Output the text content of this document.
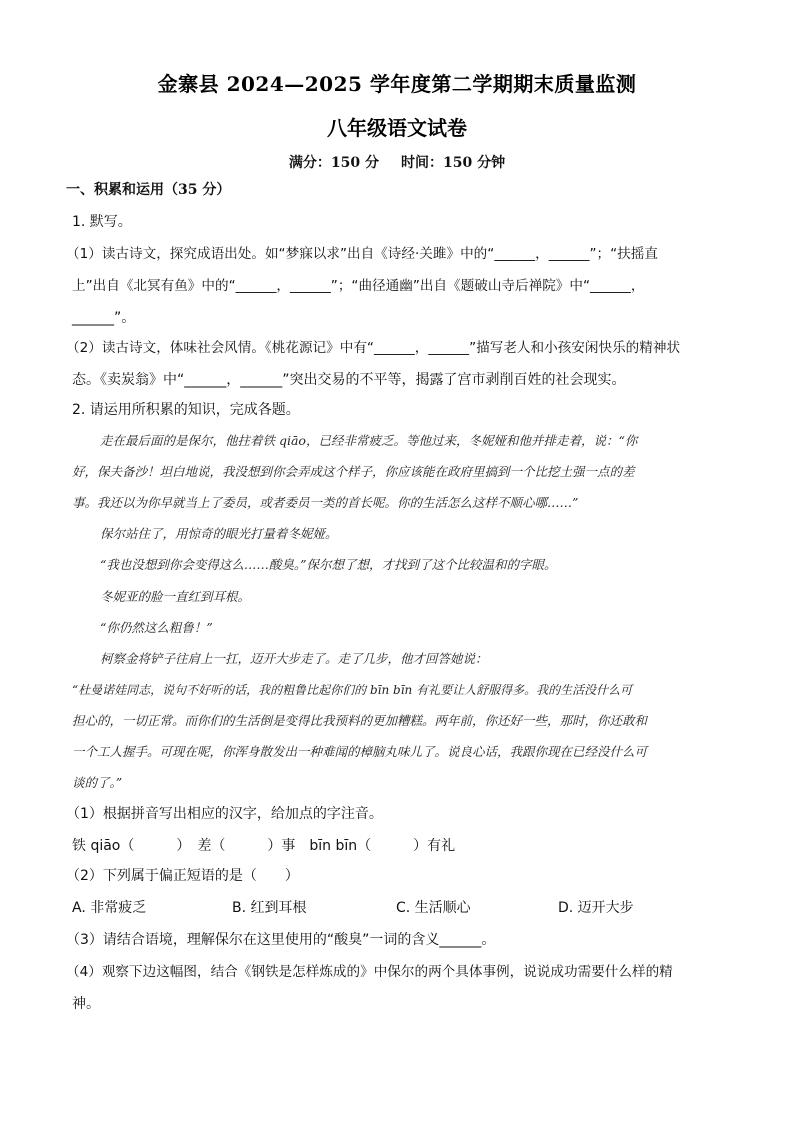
金寨县 2024—2025 学年度第二学期期末质量监测
八年级语文试卷
满分：150 分 时间：150 分钟
一、积累和运用（35 分）
1. 默写。
（1）读古诗文，探究成语出处。如“梦寐以求”出自《诗经·关雎》中的“______，______”；“扶摇直
上”出自《北冥有鱼》中的“______，______”；“曲径通幽”出自《题破山寺后禅院》中“______，
______”。
（2）读古诗文，体味社会风情。《桃花源记》中有“______，______”描写老人和小孩安闲快乐的精神状
态。《卖炭翁》中“______，______”突出交易的不平等，揭露了宫市剥削百姓的社会现实。
2. 请运用所积累的知识，完成各题。
走在最后面的是保尔，他拄着铁 qiāo，已经非常疲乏。等他过来，冬妮娅和他并排走着，说：“你
好，保夫备沙！坦白地说，我没想到你会弄成这个样子，你应该能在政府里搞到一个比挖土强一点的差
事。我还以为你早就当上了委员，或者委员一类的首长呢。你的生活怎么这样不顺心哪……”
保尔站住了，用惊奇的眼光打量着冬妮娅。
“我也没想到你会变得这么……酸臭。”保尔想了想，才找到了这个比较温和的字眼。
冬妮亚的脸一直红到耳根。
“你仍然这么粗鲁！”
柯察金将铲子往肩上一扛，迈开大步走了。走了几步，他才回答她说：
“杜曼诺娃同志，说句不好听的话，我的粗鲁比起你们的 bīn bīn 有礼要让人舒服得多。我的生活没什么可
担心的，一切正常。而你们的生活倒是变得比我预料的更加糟糕。两年前，你还好一些，那时，你还敢和
一个工人握手。可现在呢，你浑身散发出一种难闻的樟脑丸味儿了。说良心话，我跟你现在已经没什么可
谈的了。”
（1）根据拼音写出相应的汉字，给加点的字注音。
铁 qiāo（　　　）　差（　　　）事　bīn bīn（　　　）有礼
（2）下列属于偏正短语的是（　　）
A. 非常疲乏	B. 红到耳根	C. 生活顺心	D. 迈开大步
（3）请结合语境，理解保尔在这里使用的“酸臭”一词的含义______。
（4）观察下边这幅图，结合《钢铁是怎样炼成的》中保尔的两个具体事例，说说成功需要什么样的精
神。
